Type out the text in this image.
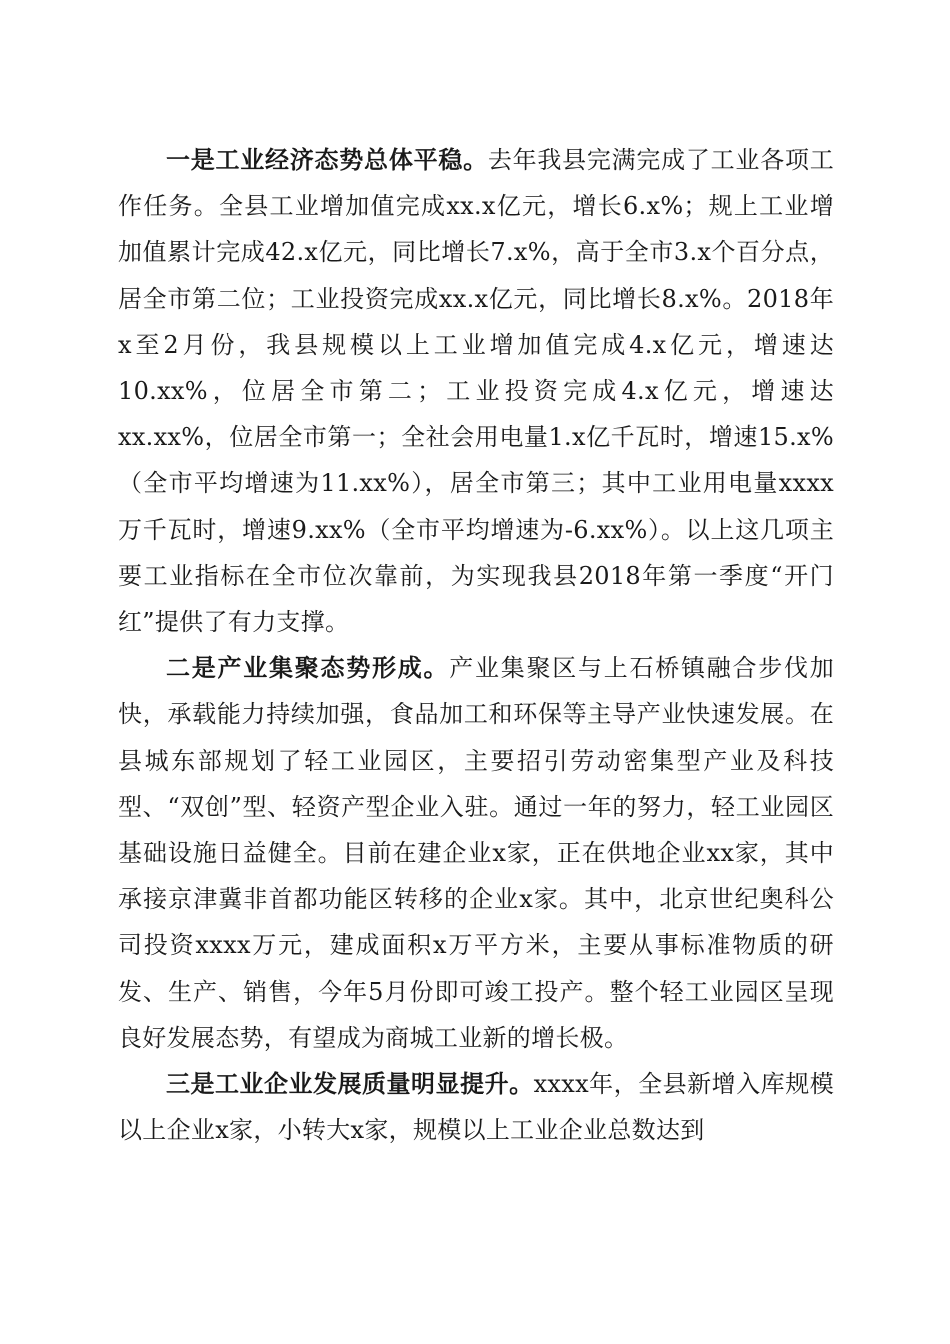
一是工业经济态势总体平稳。去年我县完满完成了工业各项工作任务。全县工业增加值完成xx.x亿元，增长6.x%；规上工业增加值累计完成42.x亿元，同比增长7.x%，高于全市3.x个百分点，居全市第二位；工业投资完成xx.x亿元，同比增长8.x%。2018年x至2月份，我县规模以上工业增加值完成4.x亿元，增速达10.xx%，位居全市第二；工业投资完成4.x亿元，增速达xx.xx%，位居全市第一；全社会用电量1.x亿千瓦时，增速15.x%（全市平均增速为11.xx%），居全市第三；其中工业用电量xxxx万千瓦时，增速9.xx%（全市平均增速为-6.xx%）。以上这几项主要工业指标在全市位次靠前，为实现我县2018年第一季度“开门红”提供了有力支撑。

二是产业集聚态势形成。产业集聚区与上石桥镇融合步伐加快，承载能力持续加强，食品加工和环保等主导产业快速发展。在县城东部规划了轻工业园区，主要招引劳动密集型产业及科技型、“双创”型、轻资产型企业入驻。通过一年的努力，轻工业园区基础设施日益健全。目前在建企业x家，正在供地企业xx家，其中承接京津冀非首都功能区转移的企业x家。其中，北京世纪奥科公司投资xxxx万元，建成面积x万平方米，主要从事标准物质的研发、生产、销售，今年5月份即可竣工投产。整个轻工业园区呈现良好发展态势，有望成为商城工业新的增长极。

三是工业企业发展质量明显提升。xxxx年，全县新增入库规模以上企业x家，小转大x家，规模以上工业企业总数达到
